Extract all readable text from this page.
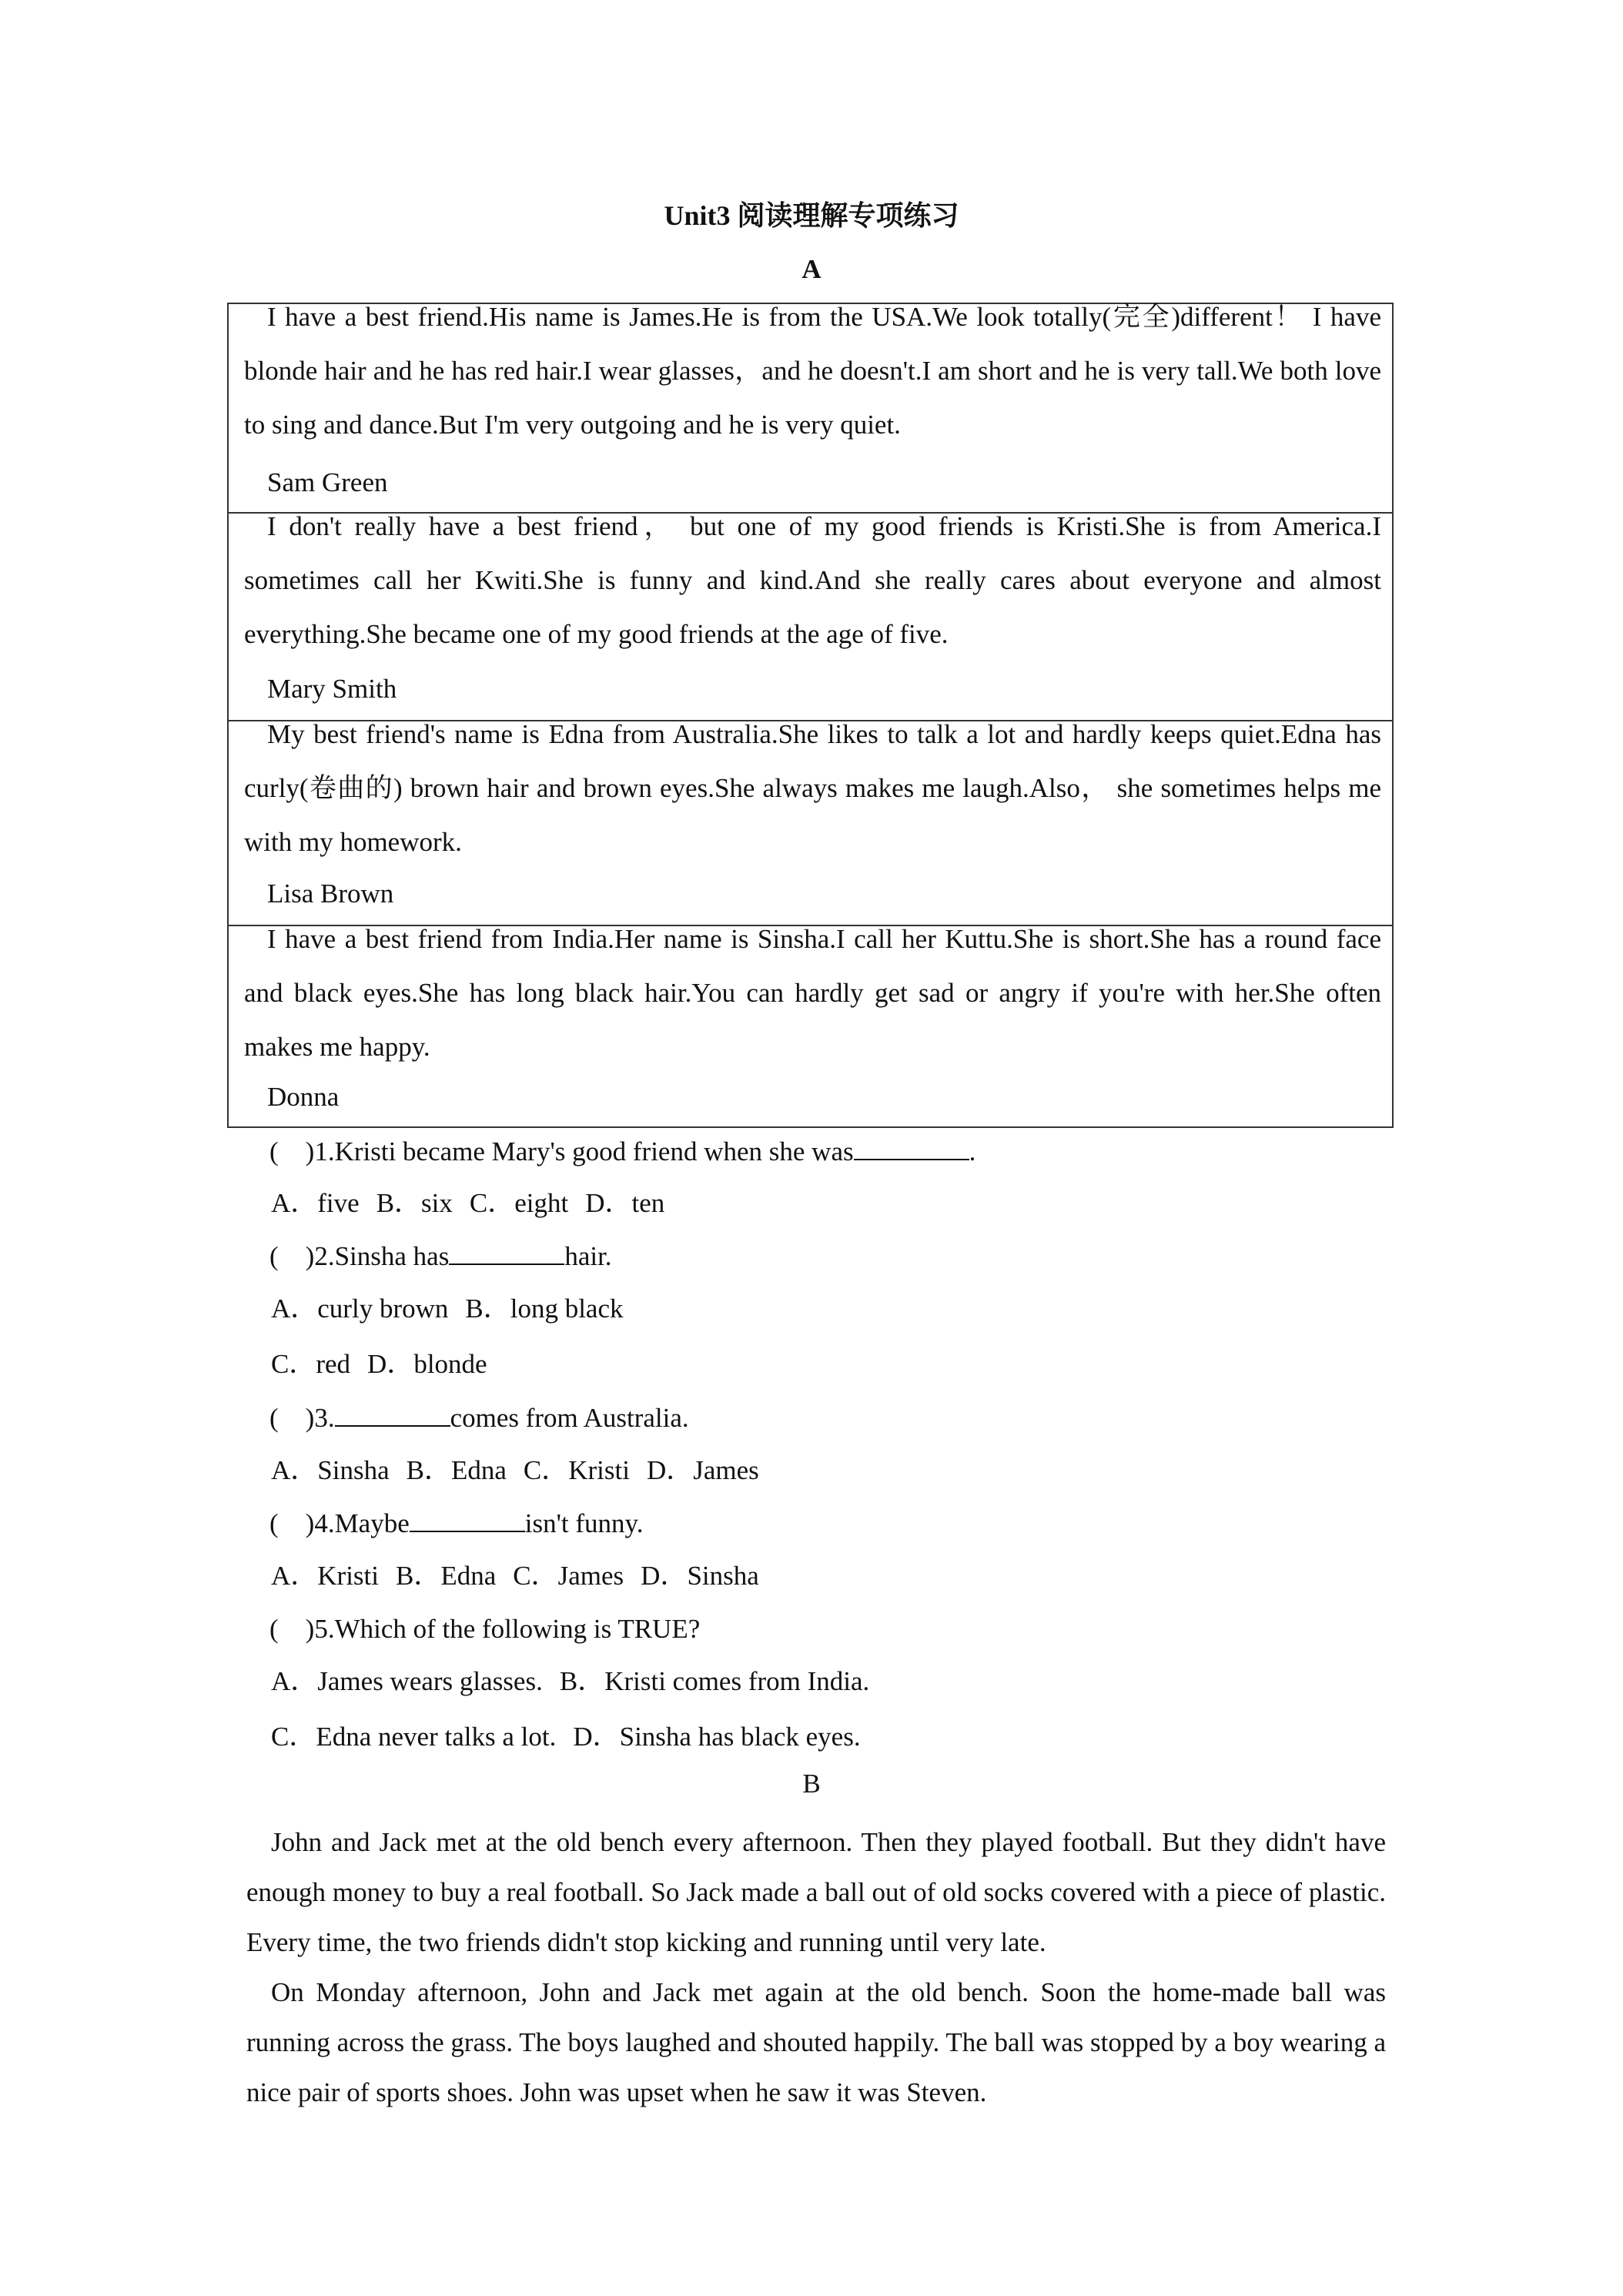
Unit3 阅读理解专项练习
A

I have a best friend.His name is James.He is from the USA.We look totally(完全)different！ I have blonde hair and he has red hair.I wear glasses，and he doesn't.I am short and he is very tall.We both love to sing and dance.But I'm very outgoing and he is very quiet.

Sam Green

I don't really have a best friend， but one of my good friends is Kristi.She is from America.I sometimes call her Kwiti.She is funny and kind.And she really cares about everyone and almost everything.She became one of my good friends at the age of five.

Mary Smith

My best friend's name is Edna from Australia.She likes to talk a lot and hardly keeps quiet.Edna has curly(卷曲的) brown hair and brown eyes.She always makes me laugh.Also， she sometimes helps me with my homework.

Lisa Brown

I have a best friend from India.Her name is Sinsha.I call her Kuttu.She is short.She has a round face and black eyes.She has long black hair.You can hardly get sad or angry if you're with her.She often makes me happy.

Donna
(　)1.Kristi became Mary's good friend when she was	.
A．five B．six C．eight D．ten
(　)2.Sinsha has	hair.
A．curly brown B．long black
C．red D．blonde
(　)3.	comes from Australia.
A．Sinsha B．Edna C．Kristi D．James
(　)4.Maybe	isn't funny.
A．Kristi B．Edna C．James D．Sinsha
(　)5.Which of the following is TRUE?
A．James wears glasses. B．Kristi comes from India.
C．Edna never talks a lot. D．Sinsha has black eyes.
B

John and Jack met at the old bench every afternoon. Then they played football. But they didn't have enough money to buy a real football. So Jack made a ball out of old socks covered with a piece of plastic. Every time, the two friends didn't stop kicking and running until very late.

On Monday afternoon, John and Jack met again at the old bench. Soon the home-made ball was running across the grass. The boys laughed and shouted happily. The ball was stopped by a boy wearing a nice pair of sports shoes. John was upset when he saw it was Steven.
